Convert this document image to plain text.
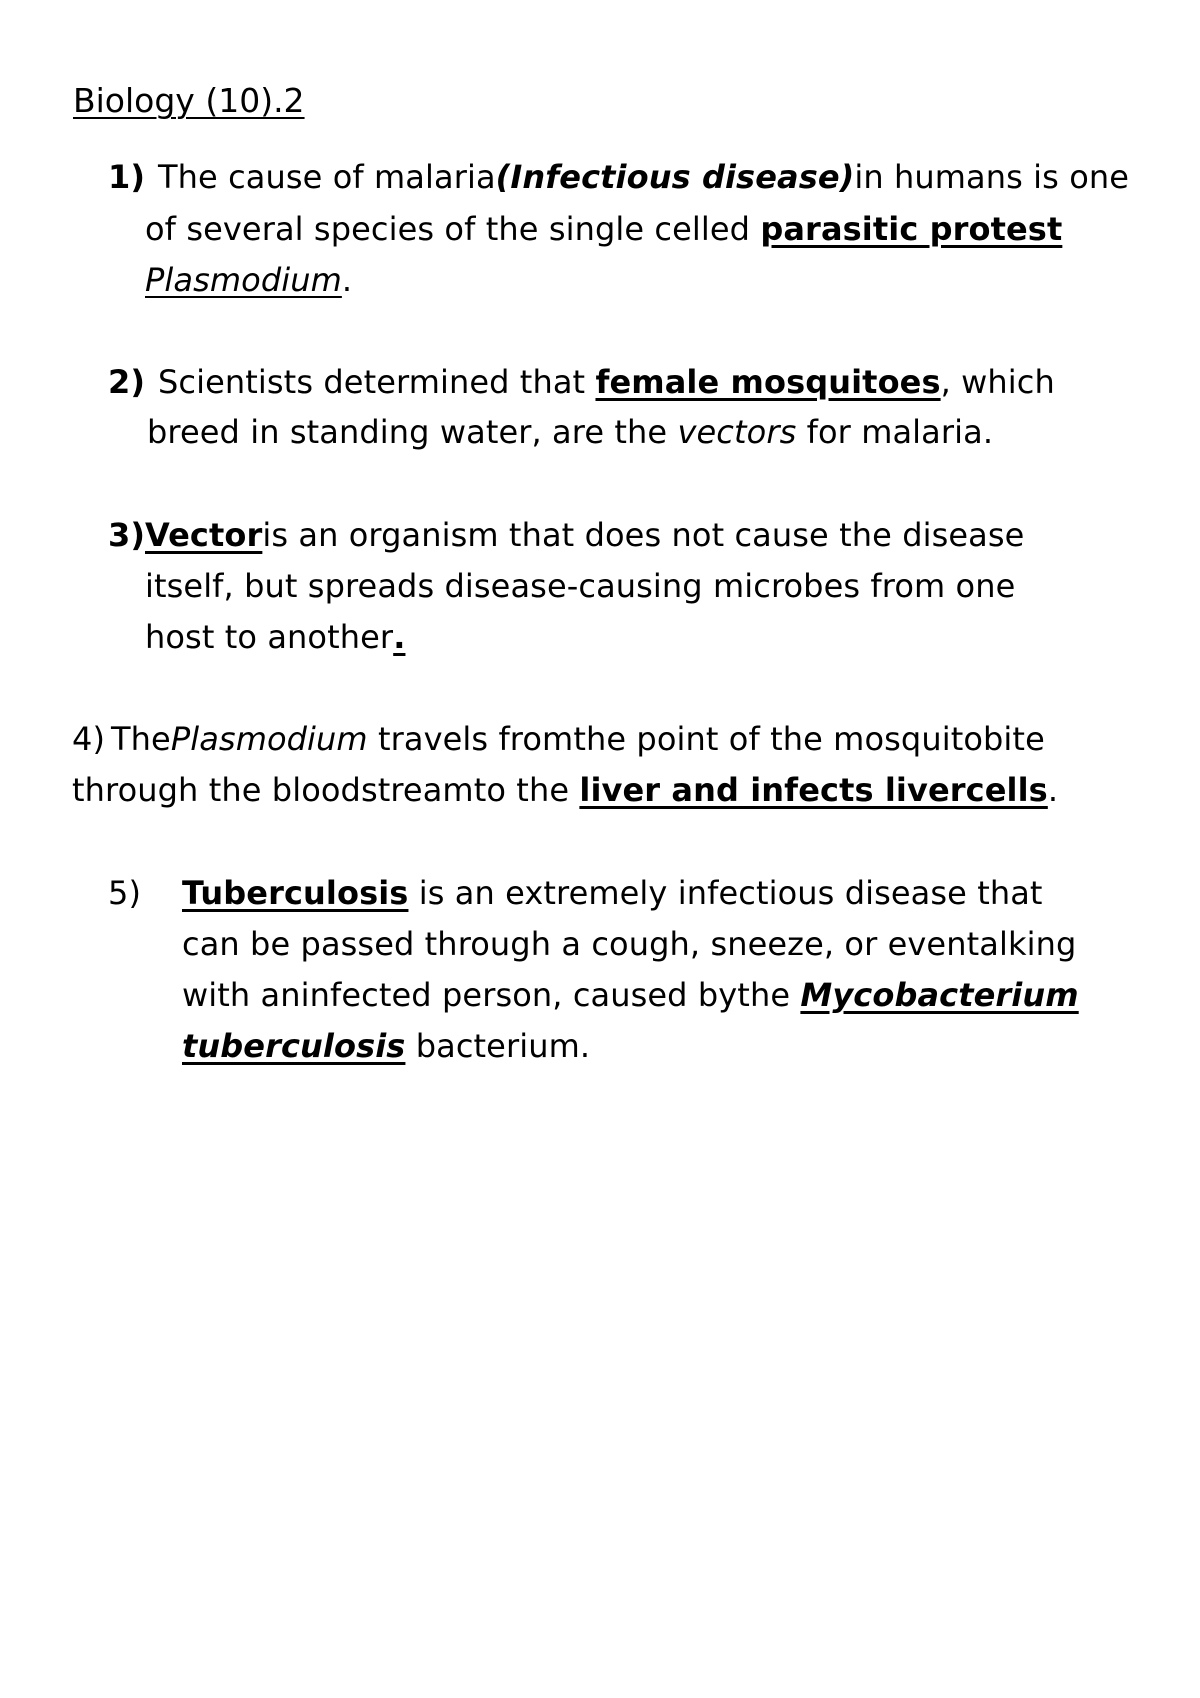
Biology (10).2
1) The cause of malaria(Infectious disease)in humans is one
of several species of the single celled parasitic protest
Plasmodium.
2) Scientists determined that female mosquitoes, which
breed in standing water, are the vectors for malaria.
3) Vectoris an organism that does not cause the disease
itself, but spreads disease-causing microbes from one
host to another.
4) ThePlasmodium travels fromthe point of the mosquitobite
through the bloodstreamto the liver and infects livercells.
5) Tuberculosis is an extremely infectious disease that
can be passed through a cough, sneeze, or eventalking
with aninfected person, caused bythe Mycobacterium
tuberculosis bacterium.
